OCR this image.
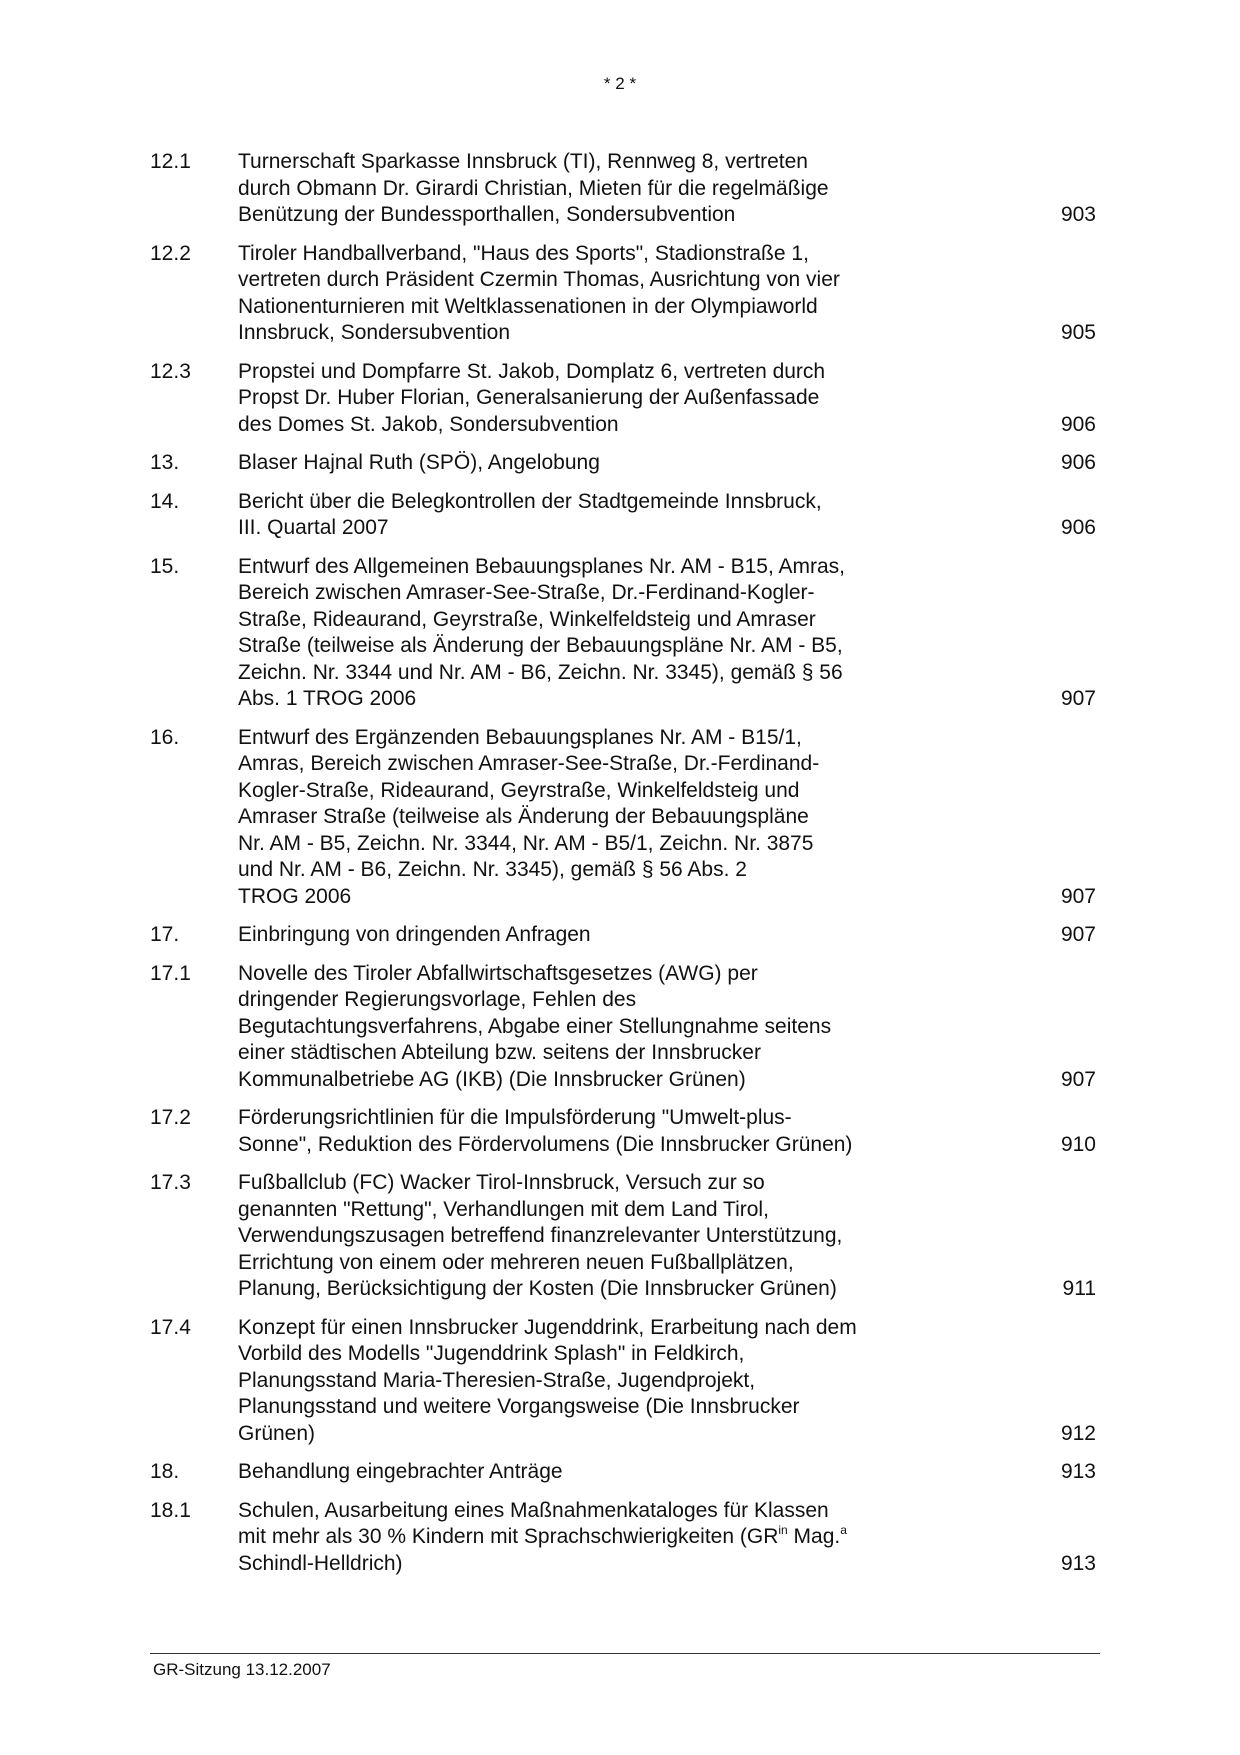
* 2 *
12.1	Turnerschaft Sparkasse Innsbruck (TI), Rennweg 8, vertreten
durch Obmann Dr. Girardi Christian, Mieten für die regelmäßige
Benützung der Bundessporthallen, Sondersubvention	903
12.2	Tiroler Handballverband, "Haus des Sports", Stadionstraße 1,
vertreten durch Präsident Czermin Thomas, Ausrichtung von vier
Nationenturnieren mit Weltklassenationen in der Olympiaworld
Innsbruck, Sondersubvention	905
12.3	Propstei und Dompfarre St. Jakob, Domplatz 6, vertreten durch
Propst Dr. Huber Florian, Generalsanierung der Außenfassade
des Domes St. Jakob, Sondersubvention	906
13.	Blaser Hajnal Ruth (SPÖ), Angelobung	906
14.	Bericht über die Belegkontrollen der Stadtgemeinde Innsbruck,
III. Quartal 2007	906
15.	Entwurf des Allgemeinen Bebauungsplanes Nr. AM - B15, Amras,
Bereich zwischen Amraser-See-Straße, Dr.-Ferdinand-Kogler-
Straße, Rideaurand, Geyrstraße, Winkelfeldsteig und Amraser
Straße (teilweise als Änderung der Bebauungspläne Nr. AM - B5,
Zeichn. Nr. 3344 und Nr. AM - B6, Zeichn. Nr. 3345), gemäß § 56
Abs. 1 TROG 2006	907
16.	Entwurf des Ergänzenden Bebauungsplanes Nr. AM - B15/1,
Amras, Bereich zwischen Amraser-See-Straße, Dr.-Ferdinand-
Kogler-Straße, Rideaurand, Geyrstraße, Winkelfeldsteig und
Amraser Straße (teilweise als Änderung der Bebauungspläne
Nr. AM - B5, Zeichn. Nr. 3344, Nr. AM - B5/1, Zeichn. Nr. 3875
und Nr. AM - B6, Zeichn. Nr. 3345), gemäß § 56 Abs. 2
TROG 2006	907
17.	Einbringung von dringenden Anfragen	907
17.1	Novelle des Tiroler Abfallwirtschaftsgesetzes (AWG) per
dringender Regierungsvorlage, Fehlen des
Begutachtungsverfahrens, Abgabe einer Stellungnahme seitens
einer städtischen Abteilung bzw. seitens der Innsbrucker
Kommunalbetriebe AG (IKB) (Die Innsbrucker Grünen)	907
17.2	Förderungsrichtlinien für die Impulsförderung "Umwelt-plus-
Sonne", Reduktion des Fördervolumens (Die Innsbrucker Grünen)	910
17.3	Fußballclub (FC) Wacker Tirol-Innsbruck, Versuch zur so
genannten "Rettung", Verhandlungen mit dem Land Tirol,
Verwendungszusagen betreffend finanzrelevanter Unterstützung,
Errichtung von einem oder mehreren neuen Fußballplätzen,
Planung, Berücksichtigung der Kosten (Die Innsbrucker Grünen)	911
17.4	Konzept für einen Innsbrucker Jugenddrink, Erarbeitung nach dem
Vorbild des Modells "Jugenddrink Splash" in Feldkirch,
Planungsstand Maria-Theresien-Straße, Jugendprojekt,
Planungsstand und weitere Vorgangsweise (Die Innsbrucker
Grünen)	912
18.	Behandlung eingebrachter Anträge	913
18.1	Schulen, Ausarbeitung eines Maßnahmenkataloges für Klassen
mit mehr als 30 % Kindern mit Sprachschwierigkeiten ($GR^{in}$ Mag.$^a$
Schindl-Helldrich)	913
GR-Sitzung 13.12.2007
